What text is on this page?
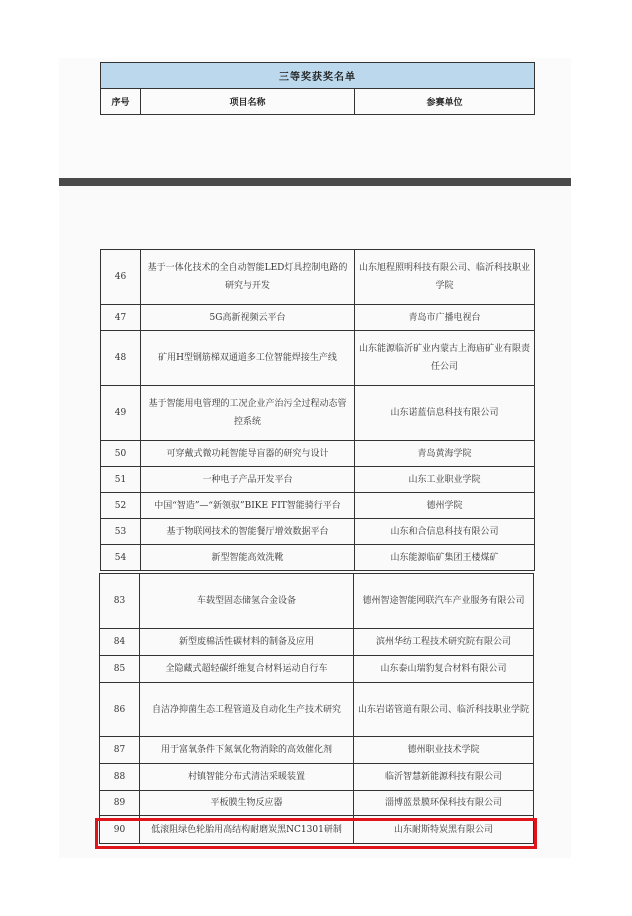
三等奖获奖名单
序号	项目名称	参赛单位
46	基于一体化技术的全自动智能LED灯具控制电路的研究与开发	山东旭程照明科技有限公司、临沂科技职业学院
47	5G高新视频云平台	青岛市广播电视台
48	矿用H型钢筋梯双通道多工位智能焊接生产线	山东能源临沂矿业内蒙古上海庙矿业有限责任公司
49	基于智能用电管理的工况企业产治污全过程动态管控系统	山东诺蓝信息科技有限公司
50	可穿戴式微功耗智能导盲器的研究与设计	青岛黄海学院
51	一种电子产品开发平台	山东工业职业学院
52	中国“智造”—“新领驭”BIKE FIT智能骑行平台	德州学院
53	基于物联网技术的智能餐厅增效数据平台	山东和合信息科技有限公司
54	新型智能高效洗靴	山东能源临矿集团王楼煤矿
83	车载型固态储氢合金设备	德州智途智能网联汽车产业服务有限公司
84	新型废棉活性碳材料的制备及应用	滨州华纺工程技术研究院有限公司
85	全隐藏式超轻碳纤维复合材料运动自行车	山东泰山瑞豹复合材料有限公司
86	自洁净抑菌生态工程管道及自动化生产技术研究	山东岩诺管道有限公司、临沂科技职业学院
87	用于富氧条件下氮氧化物消除的高效催化剂	德州职业技术学院
88	村镇智能分布式清洁采暖装置	临沂智慧新能源科技有限公司
89	平板膜生物反应器	淄博蓝景膜环保科技有限公司
90	低滚阻绿色轮胎用高结构耐磨炭黑NC1301研制	山东耐斯特炭黑有限公司
